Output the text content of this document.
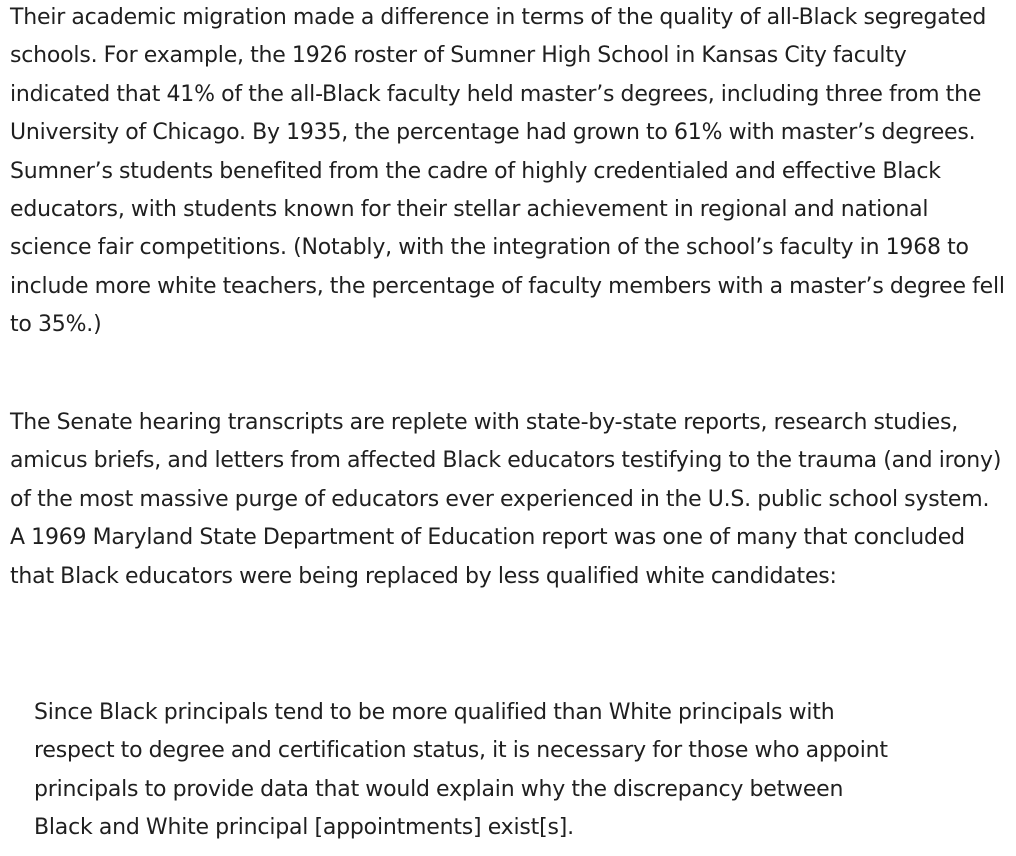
Their academic migration made a difference in terms of the quality of all-Black segregated schools. For example, the 1926 roster of Sumner High School in Kansas City faculty indicated that 41% of the all-Black faculty held master’s degrees, including three from the University of Chicago. By 1935, the percentage had grown to 61% with master’s degrees. Sumner’s students benefited from the cadre of highly credentialed and effective Black educators, with students known for their stellar achievement in regional and national science fair competitions. (Notably, with the integration of the school’s faculty in 1968 to include more white teachers, the percentage of faculty members with a master’s degree fell to 35%.)

The Senate hearing transcripts are replete with state-by-state reports, research studies, amicus briefs, and letters from affected Black educators testifying to the trauma (and irony) of the most massive purge of educators ever experienced in the U.S. public school system. A 1969 Maryland State Department of Education report was one of many that concluded that Black educators were being replaced by less qualified white candidates:

Since Black principals tend to be more qualified than White principals with respect to degree and certification status, it is necessary for those who appoint principals to provide data that would explain why the discrepancy between Black and White principal [appointments] exist[s].
